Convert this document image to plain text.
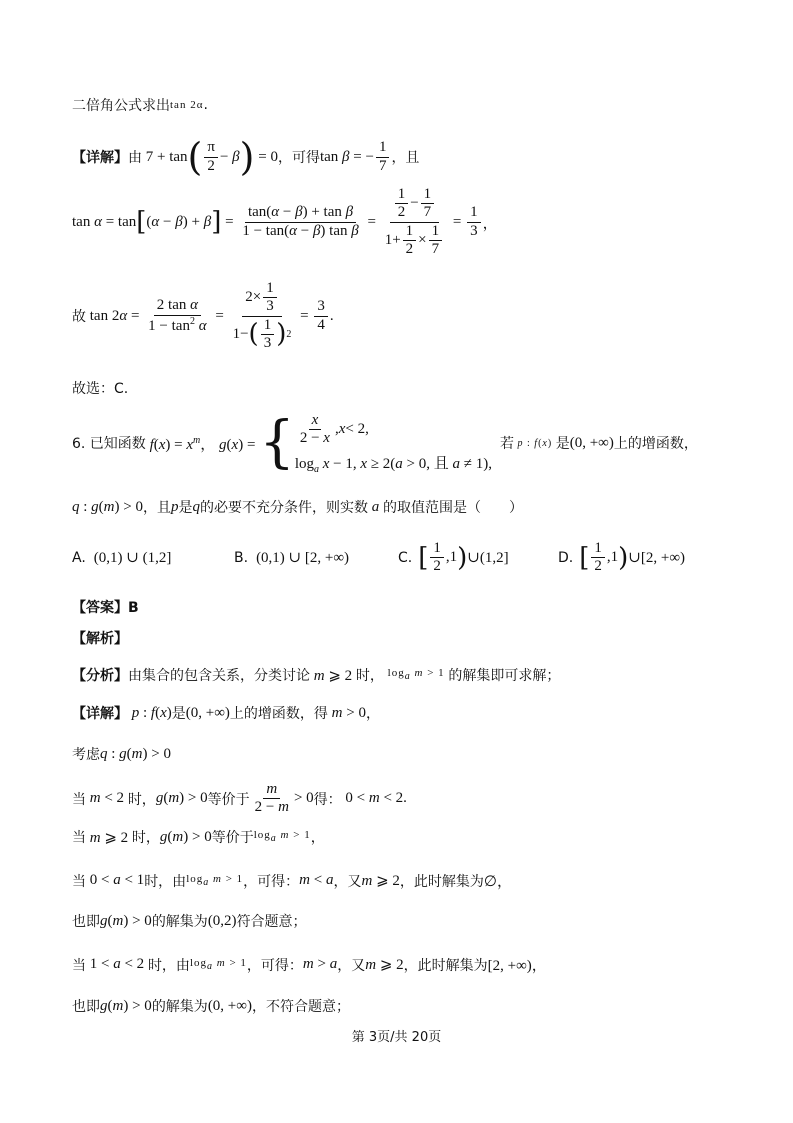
二倍角公式求出 tan 2α .
【详解】 由 7 + tan ( $\frac{\pi}{2} - \beta$ ) = 0 ，可得 tan β = − $\frac{1}{7}$ ，且
tan α = tan [ (α − β) + β ] = $\frac{\text{tan(α − β) + tan β}}{\text{1 − tan(α − β) tan β}} = \frac{\frac{1}{2} - \frac{1}{7}}{1+ \frac{1}{2} \times \frac{1}{7}} = \frac{1}{3}$ ，
故 $\tan 2\alpha = \frac{\text{2 tan α}}{1 - \tan^2 \alpha} = \frac{2\times \frac{1}{3}}{1- ( \frac{1}{3} ) 2} = \frac{3}{4}$ .
故选：C.
6. 已知函数 $f(x) = x^m$， g(x) = { $\frac{x}{2 - x}$ , x < 2,
$\log_a x - 1$, x ≥ 2(a > 0, 且 a ≠ 1),
若 p : f(x) 是 (0, +∞) 上的增函数，
q : g(m) > 0 ，且 p 是 q 的必要不充分条件，则实数 a 的取值范围是（　　）
A. (0,1) ∪ (1,2]	B. (0,1) ∪ [2, +∞)	C. [ $\frac{1}{2} ,1$ ) ∪(1,2]	D. [ $\frac{1}{2} ,1$ ) ∪[2, +∞)
【答案】B
【解析】
【分析】 由集合的包含关系，分类讨论 m ⩾ 2 时， $\log_a m > 1$ 的解集即可求解；
【详解】 p : f(x) 是 (0, +∞) 上的增函数，得 m > 0 ，
考虑 q : g(m) > 0
当 m < 2 时， g(m) > 0 等价于 $\frac{m}{2 - m} > 0$ 得： 0 < m < 2.
当 m ⩾ 2 时， g(m) > 0 等价于 $\log_a m > 1$ ，
当 0 < a < 1 时，由 $\log_a m > 1$ ，可得： m < a ，又 m ⩾ 2 ，此时解集为 ∅，
也即 g(m) > 0 的解集为 (0,2) 符合题意；
当 1 < a < 2 时，由 $\log_a m > 1$ ，可得： m > a ，又 m ⩾ 2 ，此时解集为 [2, +∞)，
也即 g(m) > 0 的解集为 (0, +∞) ，不符合题意；
第 3页/共 20页
